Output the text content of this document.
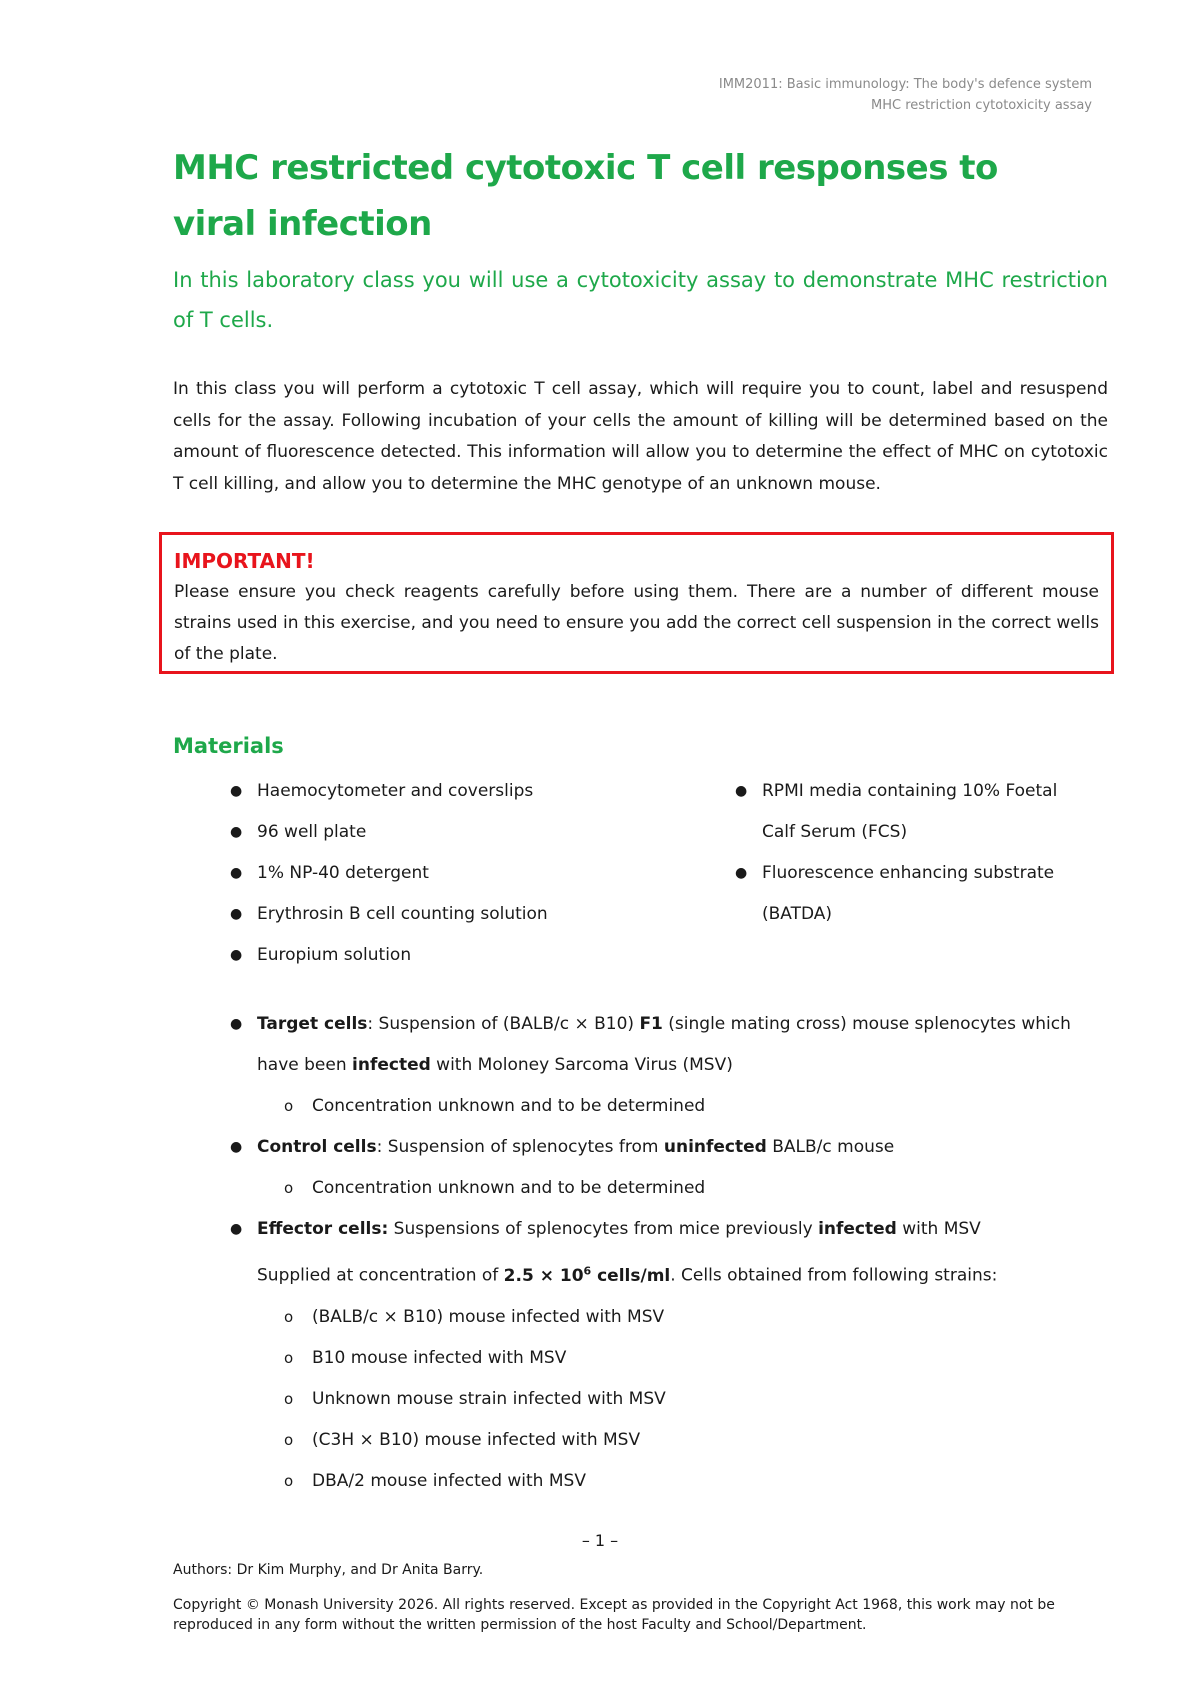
IMM2011: Basic immunology: The body's defence system
MHC restriction cytotoxicity assay
MHC restricted cytotoxic T cell responses to viral infection
In this laboratory class you will use a cytotoxicity assay to demonstrate MHC restriction of T cells.
In this class you will perform a cytotoxic T cell assay, which will require you to count, label and resuspend cells for the assay. Following incubation of your cells the amount of killing will be determined based on the amount of fluorescence detected. This information will allow you to determine the effect of MHC on cytotoxic T cell killing, and allow you to determine the MHC genotype of an unknown mouse.
IMPORTANT!

Please ensure you check reagents carefully before using them. There are a number of different mouse strains used in this exercise, and you need to ensure you add the correct cell suspension in the correct wells of the plate.

Materials
● Haemocytometer and coverslips
● 96 well plate
● 1% NP-40 detergent
● Erythrosin B cell counting solution
● Europium solution
● RPMI media containing 10% Foetal Calf Serum (FCS)
● Fluorescence enhancing substrate (BATDA)
● Target cells: Suspension of (BALB/c × B10) F1 (single mating cross) mouse splenocytes which have been infected with Moloney Sarcoma Virus (MSV)
o Concentration unknown and to be determined
● Control cells: Suspension of splenocytes from uninfected BALB/c mouse
o Concentration unknown and to be determined
● Effector cells: Suspensions of splenocytes from mice previously infected with MSV
Supplied at concentration of $2.5 \times 10^6$ cells/ml. Cells obtained from following strains:
o (BALB/c × B10) mouse infected with MSV
o B10 mouse infected with MSV
o Unknown mouse strain infected with MSV
o (C3H × B10) mouse infected with MSV
o DBA/2 mouse infected with MSV
– 1 –
Authors: Dr Kim Murphy, and Dr Anita Barry.
Copyright © Monash University 2026. All rights reserved. Except as provided in the Copyright Act 1968, this work may not be reproduced in any form without the written permission of the host Faculty and School/Department.
